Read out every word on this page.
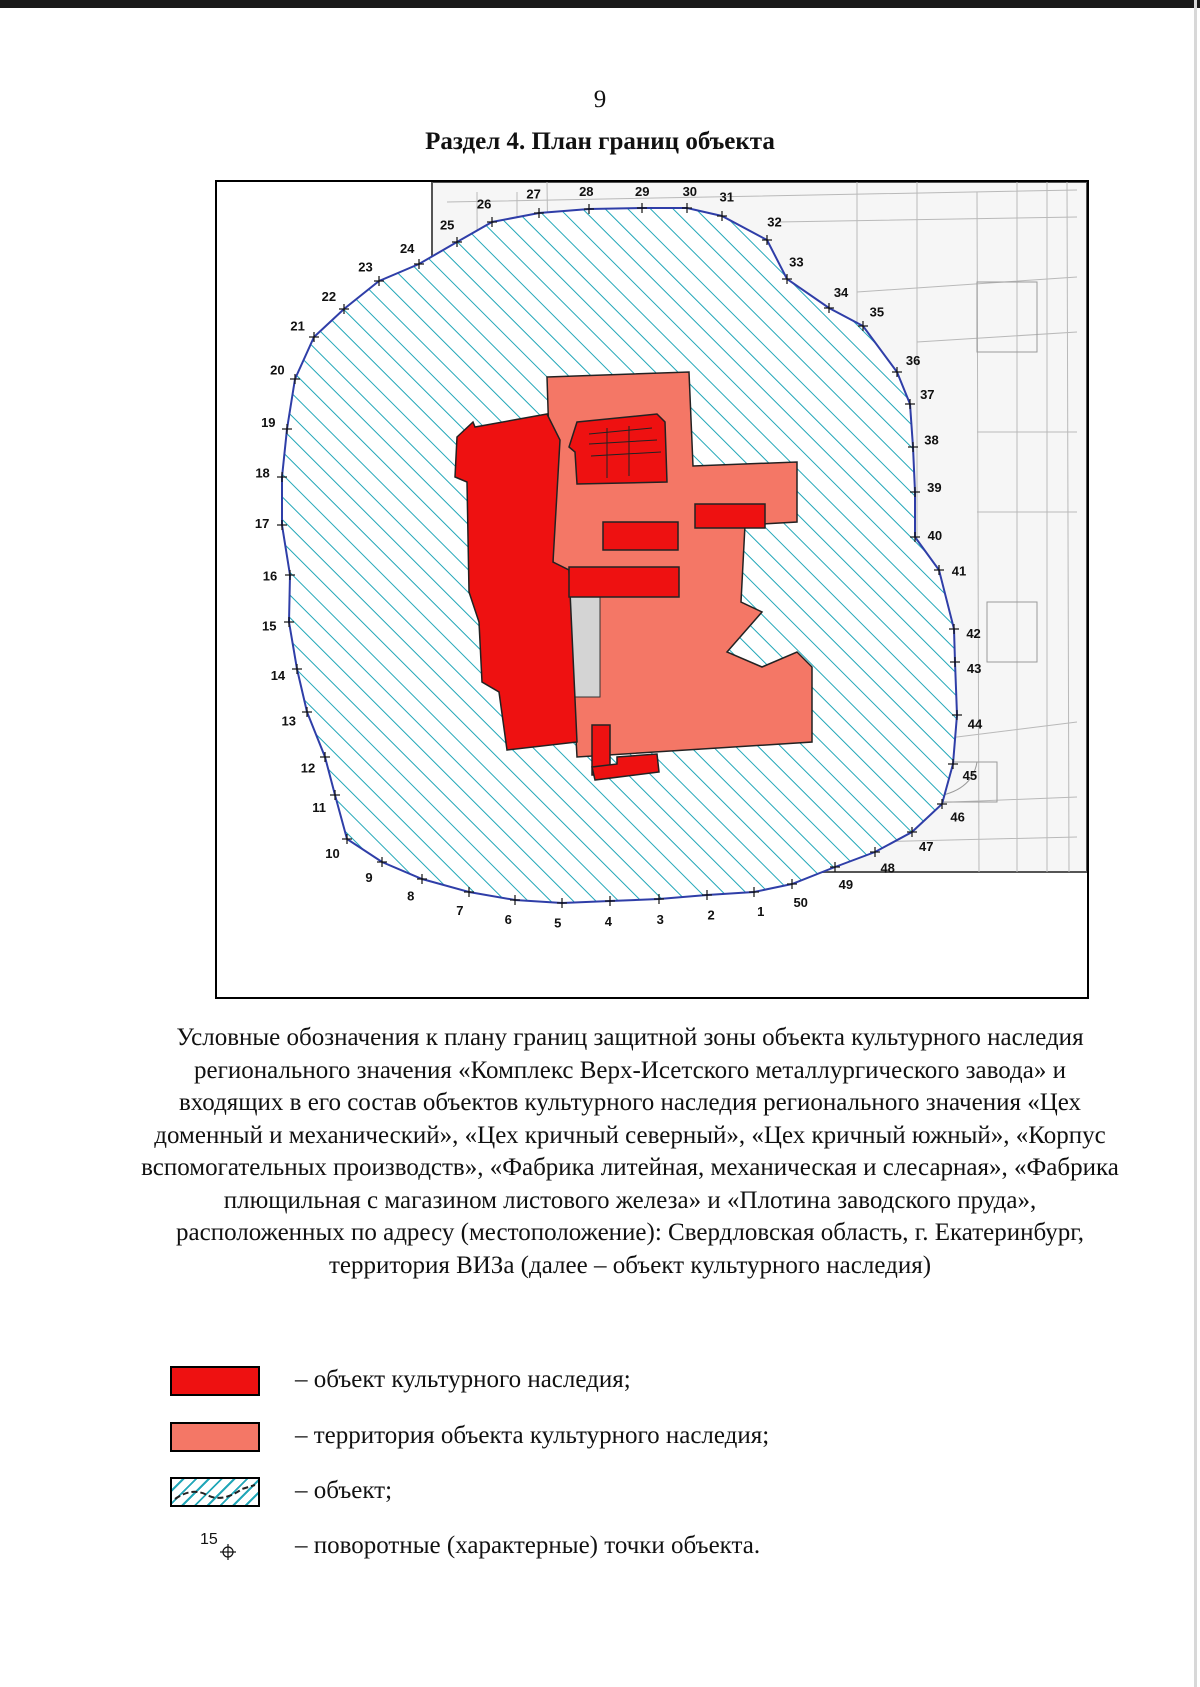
9
Раздел 4. План границ объекта
1
2
3
4
5
6
7
8
9
10
11
12
13
14
15
16
17
18
19
20
21
22
23
24
25
26
27	28	29	30 31
32
33
34
35
36
37
38
39
40
41
42
43
44
45
46
47
48
49
50
Условные обозначения к плану границ защитной зоны объекта культурного наследия регионального значения «Комплекс Верх-Исетского металлургического завода» и входящих в его состав объектов культурного наследия регионального значения «Цех доменный и механический», «Цех кричный северный», «Цех кричный южный», «Корпус вспомогательных производств», «Фабрика литейная, механическая и слесарная», «Фабрика плющильная с магазином листового железа» и «Плотина заводского пруда», расположенных по адресу (местоположение): Свердловская область, г. Екатеринбург, территория ВИЗа (далее – объект культурного наследия)
– объект культурного наследия;
– территория объекта культурного наследия;
– объект;
15	– поворотные (характерные) точки объекта.
